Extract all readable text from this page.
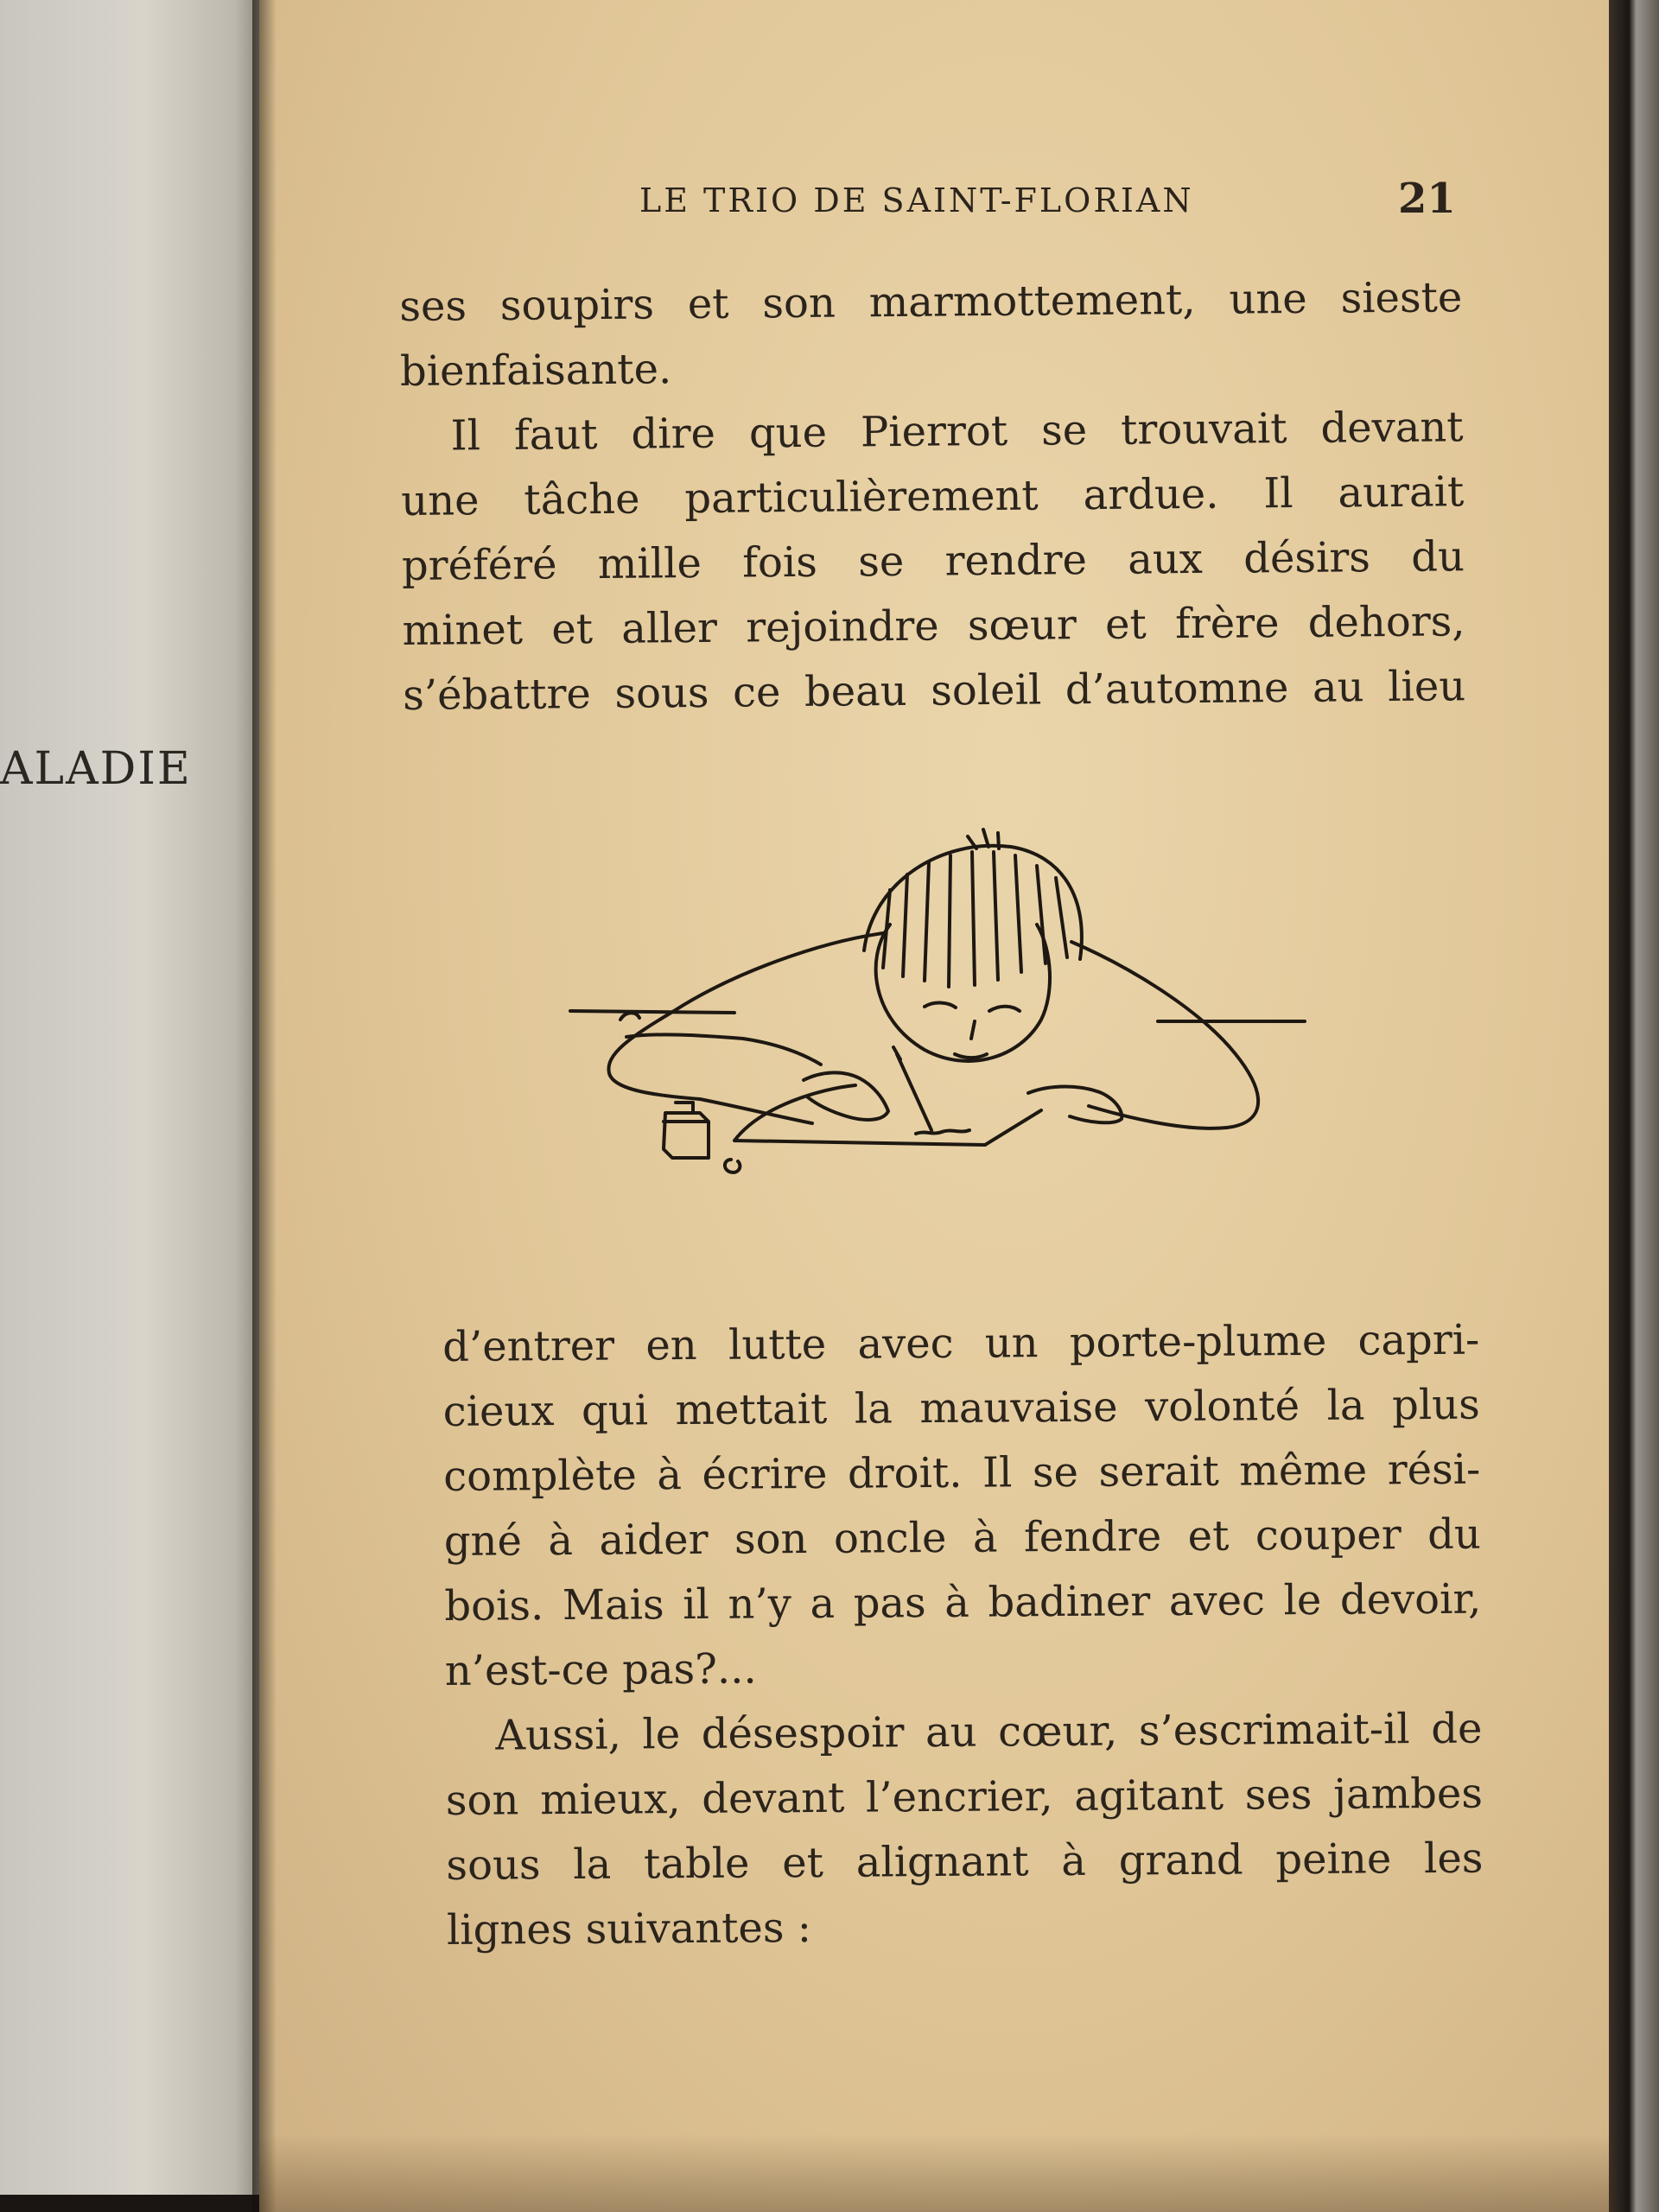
ALADIE
LE TRIO DE SAINT-FLORIAN	21
ses soupirs et son marmottement, une sieste
bienfaisante.
Il faut dire que Pierrot se trouvait devant
une tâche particulièrement ardue. Il aurait
préféré mille fois se rendre aux désirs du
minet et aller rejoindre sœur et frère dehors,
s’ébattre sous ce beau soleil d’automne au lieu
d’entrer en lutte avec un porte-plume capri-
cieux qui mettait la mauvaise volonté la plus
complète à écrire droit. Il se serait même rési-
gné à aider son oncle à fendre et couper du
bois. Mais il n’y a pas à badiner avec le devoir,
n’est-ce pas?...
Aussi, le désespoir au cœur, s’escrimait-il de
son mieux, devant l’encrier, agitant ses jambes
sous la table et alignant à grand peine les
lignes suivantes :
